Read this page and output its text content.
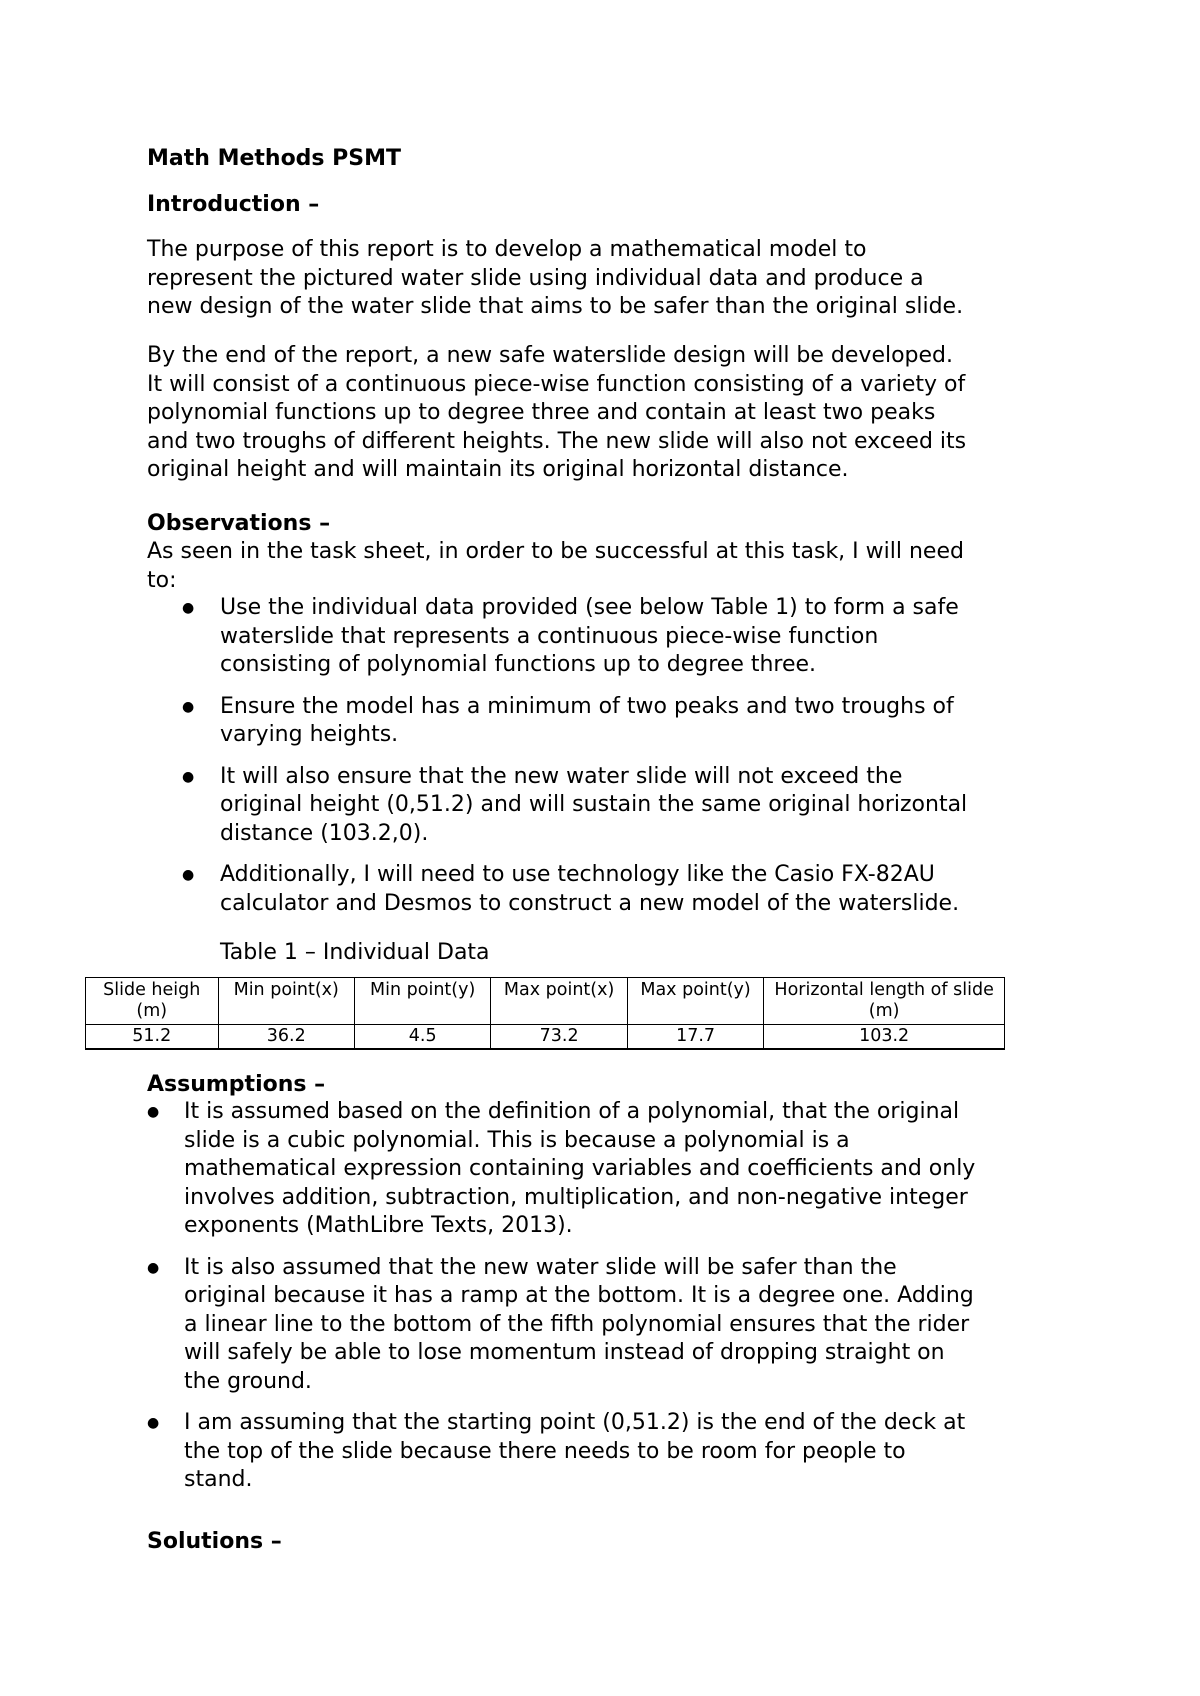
Math Methods PSMT
Introduction –
The purpose of this report is to develop a mathematical model to
represent the pictured water slide using individual data and produce a
new design of the water slide that aims to be safer than the original slide.
By the end of the report, a new safe waterslide design will be developed.
It will consist of a continuous piece-wise function consisting of a variety of
polynomial functions up to degree three and contain at least two peaks
and two troughs of different heights. The new slide will also not exceed its
original height and will maintain its original horizontal distance.
Observations –
As seen in the task sheet, in order to be successful at this task, I will need
to:
● Use the individual data provided (see below Table 1) to form a safe
waterslide that represents a continuous piece-wise function
consisting of polynomial functions up to degree three.
● Ensure the model has a minimum of two peaks and two troughs of
varying heights.
● It will also ensure that the new water slide will not exceed the
original height (0,51.2) and will sustain the same original horizontal
distance (103.2,0).
● Additionally, I will need to use technology like the Casio FX-82AU
calculator and Desmos to construct a new model of the waterslide.
Table 1 – Individual Data
Slide heigh (m)	Min point(x)	Min point(y)	Max point(x)	Max point(y)	Horizontal length of slide (m)
51.2	36.2	4.5	73.2	17.7	103.2
Assumptions –
● It is assumed based on the definition of a polynomial, that the original
slide is a cubic polynomial. This is because a polynomial is a
mathematical expression containing variables and coefficients and only
involves addition, subtraction, multiplication, and non-negative integer
exponents (MathLibre Texts, 2013).
● It is also assumed that the new water slide will be safer than the
original because it has a ramp at the bottom. It is a degree one. Adding
a linear line to the bottom of the fifth polynomial ensures that the rider
will safely be able to lose momentum instead of dropping straight on
the ground.
● I am assuming that the starting point (0,51.2) is the end of the deck at
the top of the slide because there needs to be room for people to
stand.
Solutions –
